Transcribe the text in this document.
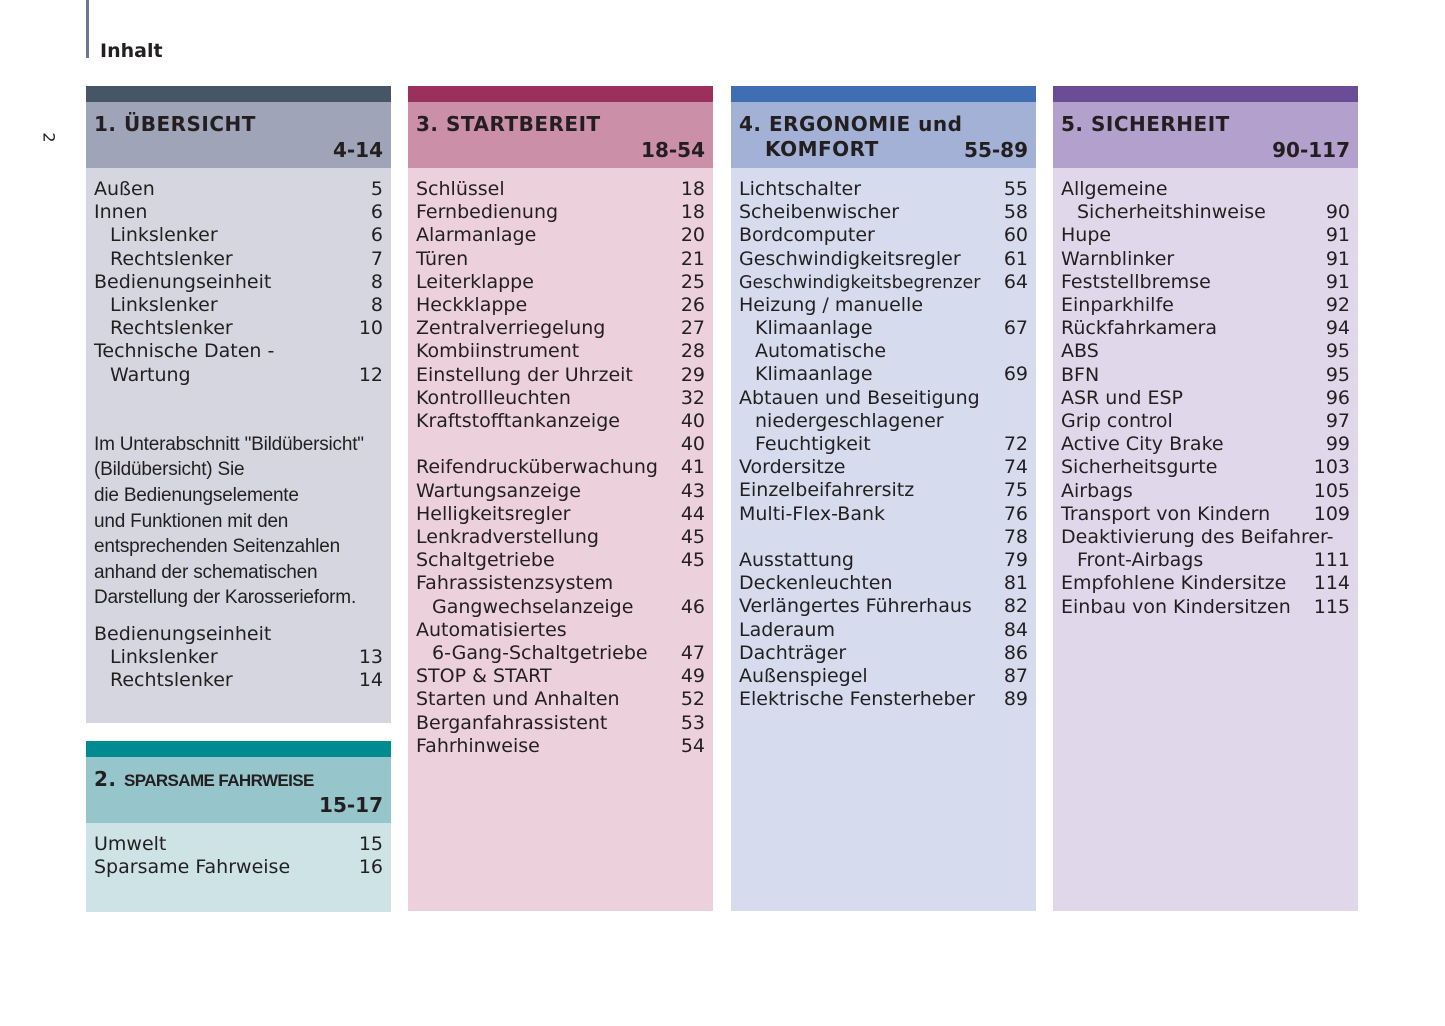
Inhalt
2
1. ÜBERSICHT
4-14
Außen	5
Innen	6
Linkslenker	6
Rechtslenker	7
Bedienungseinheit	8
Linkslenker	8
Rechtslenker	10
Technische Daten -
Wartung	12
Im Unterabschnitt "Bildübersicht"
(Bildübersicht) Sie
die Bedienungselemente
und Funktionen mit den
entsprechenden Seitenzahlen
anhand der schematischen
Darstellung der Karosserieform.
Bedienungseinheit
Linkslenker	13
Rechtslenker	14
2. SPARSAME FAHRWEISE
15-17
Umwelt	15
Sparsame Fahrweise	16
3. STARTBEREIT
18-54
Schlüssel	18
Fernbedienung	18
Alarmanlage	20
Türen	21
Leiterklappe	25
Heckklappe	26
Zentralverriegelung	27
Kombiinstrument	28
Einstellung der Uhrzeit	29
Kontrollleuchten	32
Kraftstofftankanzeige	40
40
Reifendrucküberwachung	41
Wartungsanzeige	43
Helligkeitsregler	44
Lenkradverstellung	45
Schaltgetriebe	45
Fahrassistenzsystem
Gangwechselanzeige	46
Automatisiertes
6-Gang-Schaltgetriebe	47
STOP & START	49
Starten und Anhalten	52
Berganfahrassistent	53
Fahrhinweise	54
4. ERGONOMIE und
KOMFORT	55-89
Lichtschalter	55
Scheibenwischer	58
Bordcomputer	60
Geschwindigkeitsregler	61
Geschwindigkeitsbegrenzer	64
Heizung / manuelle
Klimaanlage	67
Automatische
Klimaanlage	69
Abtauen und Beseitigung
niedergeschlagener
Feuchtigkeit	72
Vordersitze	74
Einzelbeifahrersitz	75
Multi-Flex-Bank	76
78
Ausstattung	79
Deckenleuchten	81
Verlängertes Führerhaus	82
Laderaum	84
Dachträger	86
Außenspiegel	87
Elektrische Fensterheber	89
5. SICHERHEIT
90-117
Allgemeine
Sicherheitshinweise	90
Hupe	91
Warnblinker	91
Feststellbremse	91
Einparkhilfe	92
Rückfahrkamera	94
ABS	95
BFN	95
ASR und ESP	96
Grip control	97
Active City Brake	99
Sicherheitsgurte	103
Airbags	105
Transport von Kindern	109
Deaktivierung des Beifahrer-
Front-Airbags	111
Empfohlene Kindersitze	114
Einbau von Kindersitzen	115
